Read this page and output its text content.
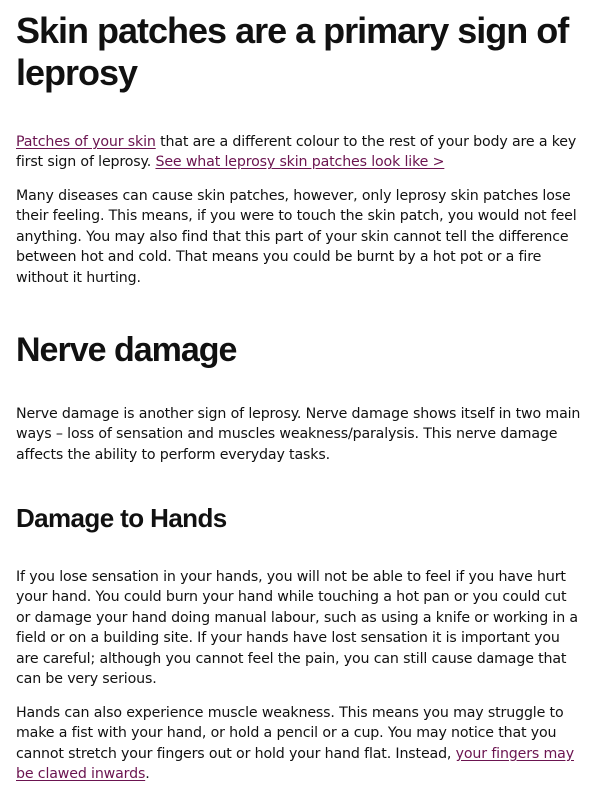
Skin patches are a primary sign of leprosy

Patches of your skin that are a different colour to the rest of your body are a key first sign of leprosy. See what leprosy skin patches look like >

Many diseases can cause skin patches, however, only leprosy skin patches lose their feeling. This means, if you were to touch the skin patch, you would not feel anything. You may also find that this part of your skin cannot tell the difference between hot and cold. That means you could be burnt by a hot pot or a fire without it hurting.

Nerve damage

Nerve damage is another sign of leprosy. Nerve damage shows itself in two main ways – loss of sensation and muscles weakness/paralysis. This nerve damage affects the ability to perform everyday tasks.

Damage to Hands

If you lose sensation in your hands, you will not be able to feel if you have hurt your hand. You could burn your hand while touching a hot pan or you could cut or damage your hand doing manual labour, such as using a knife or working in a field or on a building site. If your hands have lost sensation it is important you are careful; although you cannot feel the pain, you can still cause damage that can be very serious.

Hands can also experience muscle weakness. This means you may struggle to make a fist with your hand, or hold a pencil or a cup. You may notice that you cannot stretch your fingers out or hold your hand flat. Instead, your fingers may be clawed inwards.
